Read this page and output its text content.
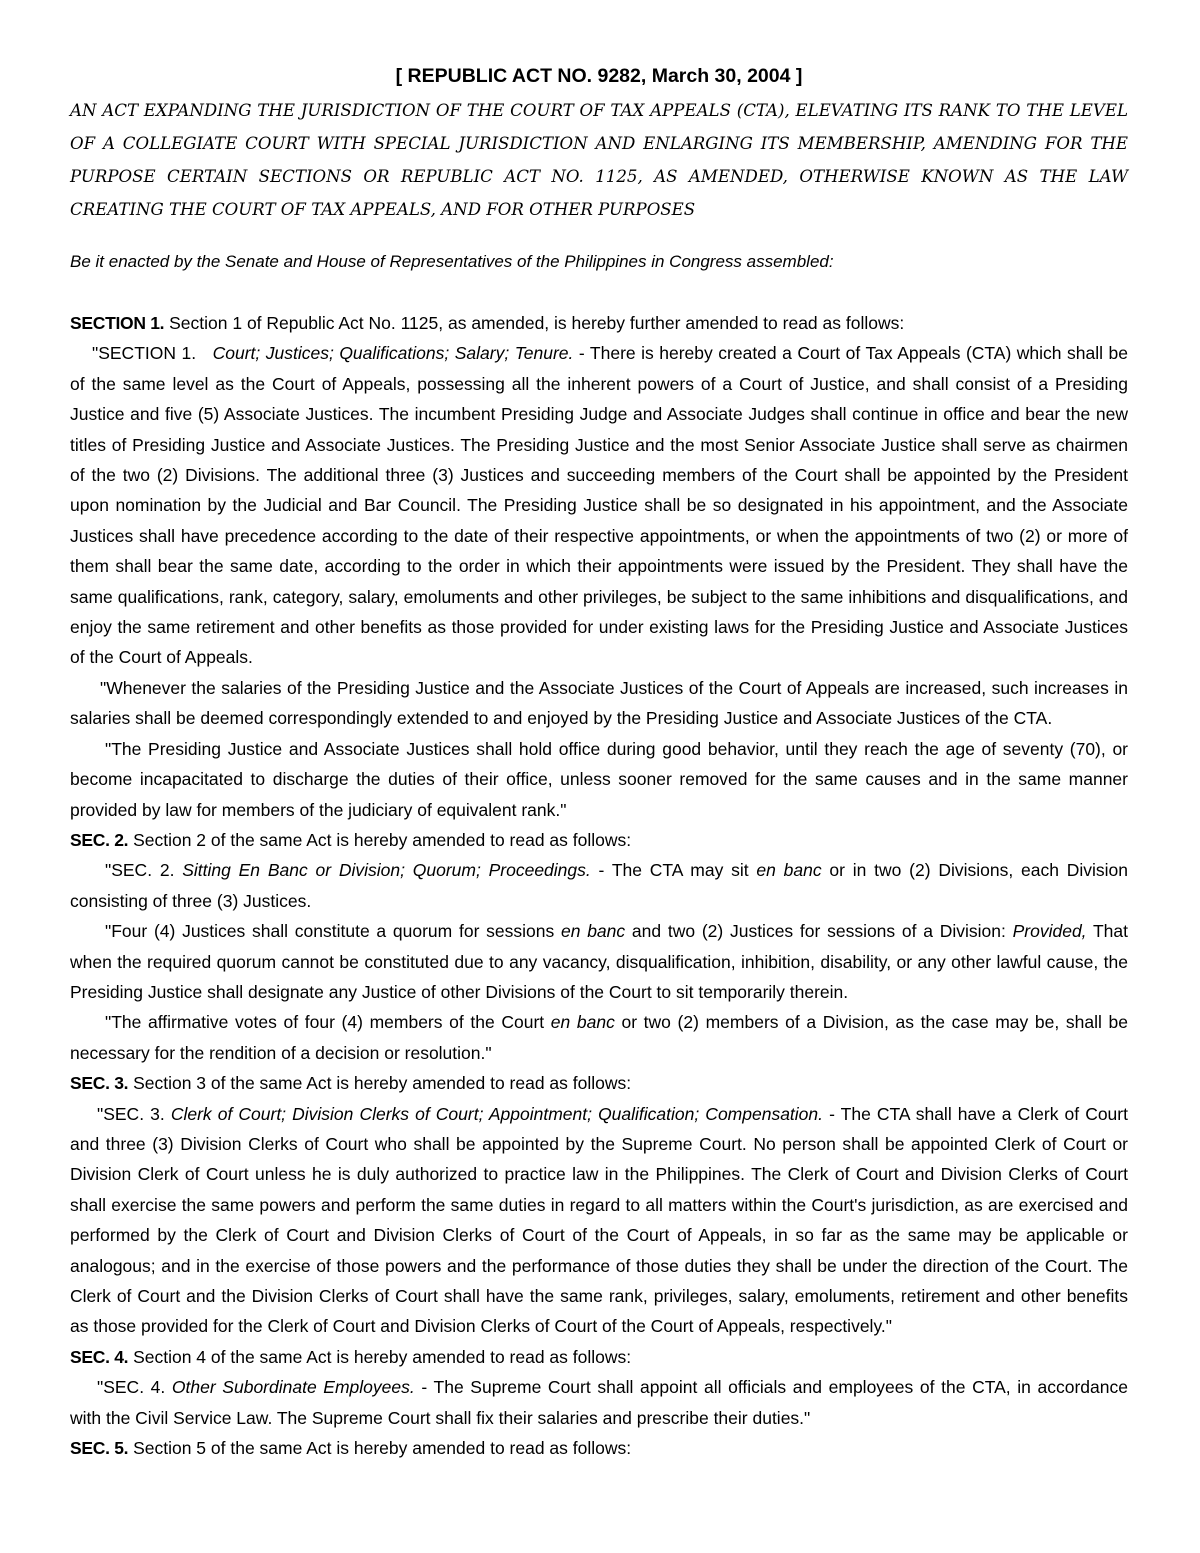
[ REPUBLIC ACT NO. 9282, March 30, 2004 ]

AN ACT EXPANDING THE JURISDICTION OF THE COURT OF TAX APPEALS (CTA), ELEVATING ITS RANK TO THE LEVEL OF A COLLEGIATE COURT WITH SPECIAL JURISDICTION AND ENLARGING ITS MEMBERSHIP, AMENDING FOR THE PURPOSE CERTAIN SECTIONS OR REPUBLIC ACT NO. 1125, AS AMENDED, OTHERWISE KNOWN AS THE LAW CREATING THE COURT OF TAX APPEALS, AND FOR OTHER PURPOSES

Be it enacted by the Senate and House of Representatives of the Philippines in Congress assembled:

SECTION 1. Section 1 of Republic Act No. 1125, as amended, is hereby further amended to read as follows:

"SECTION 1.   Court; Justices; Qualifications; Salary; Tenure. - There is hereby created a Court of Tax Appeals (CTA) which shall be of the same level as the Court of Appeals, possessing all the inherent powers of a Court of Justice, and shall consist of a Presiding Justice and five (5) Associate Justices. The incumbent Presiding Judge and Associate Judges shall continue in office and bear the new titles of Presiding Justice and Associate Justices. The Presiding Justice and the most Senior Associate Justice shall serve as chairmen of the two (2) Divisions. The additional three (3) Justices and succeeding members of the Court shall be appointed by the President upon nomination by the Judicial and Bar Council. The Presiding Justice shall be so designated in his appointment, and the Associate Justices shall have precedence according to the date of their respective appointments, or when the appointments of two (2) or more of them shall bear the same date, according to the order in which their appointments were issued by the President. They shall have the same qualifications, rank, category, salary, emoluments and other privileges, be subject to the same inhibitions and disqualifications, and enjoy the same retirement and other benefits as those provided for under existing laws for the Presiding Justice and Associate Justices of the Court of Appeals.

"Whenever the salaries of the Presiding Justice and the Associate Justices of the Court of Appeals are increased, such increases in salaries shall be deemed correspondingly extended to and enjoyed by the Presiding Justice and Associate Justices of the CTA.

"The Presiding Justice and Associate Justices shall hold office during good behavior, until they reach the age of seventy (70), or become incapacitated to discharge the duties of their office, unless sooner removed for the same causes and in the same manner provided by law for members of the judiciary of equivalent rank."

SEC. 2. Section 2 of the same Act is hereby amended to read as follows:

"SEC. 2. Sitting En Banc or Division; Quorum; Proceedings. - The CTA may sit en banc or in two (2) Divisions, each Division consisting of three (3) Justices.

"Four (4) Justices shall constitute a quorum for sessions en banc and two (2) Justices for sessions of a Division: Provided, That when the required quorum cannot be constituted due to any vacancy, disqualification, inhibition, disability, or any other lawful cause, the Presiding Justice shall designate any Justice of other Divisions of the Court to sit temporarily therein.

"The affirmative votes of four (4) members of the Court en banc or two (2) members of a Division, as the case may be, shall be necessary for the rendition of a decision or resolution."

SEC. 3. Section 3 of the same Act is hereby amended to read as follows:

"SEC. 3. Clerk of Court; Division Clerks of Court; Appointment; Qualification; Compensation. - The CTA shall have a Clerk of Court and three (3) Division Clerks of Court who shall be appointed by the Supreme Court. No person shall be appointed Clerk of Court or Division Clerk of Court unless he is duly authorized to practice law in the Philippines. The Clerk of Court and Division Clerks of Court shall exercise the same powers and perform the same duties in regard to all matters within the Court's jurisdiction, as are exercised and performed by the Clerk of Court and Division Clerks of Court of the Court of Appeals, in so far as the same may be applicable or analogous; and in the exercise of those powers and the performance of those duties they shall be under the direction of the Court. The Clerk of Court and the Division Clerks of Court shall have the same rank, privileges, salary, emoluments, retirement and other benefits as those provided for the Clerk of Court and Division Clerks of Court of the Court of Appeals, respectively."

SEC. 4. Section 4 of the same Act is hereby amended to read as follows:

"SEC. 4. Other Subordinate Employees. - The Supreme Court shall appoint all officials and employees of the CTA, in accordance with the Civil Service Law. The Supreme Court shall fix their salaries and prescribe their duties."

SEC. 5. Section 5 of the same Act is hereby amended to read as follows:
